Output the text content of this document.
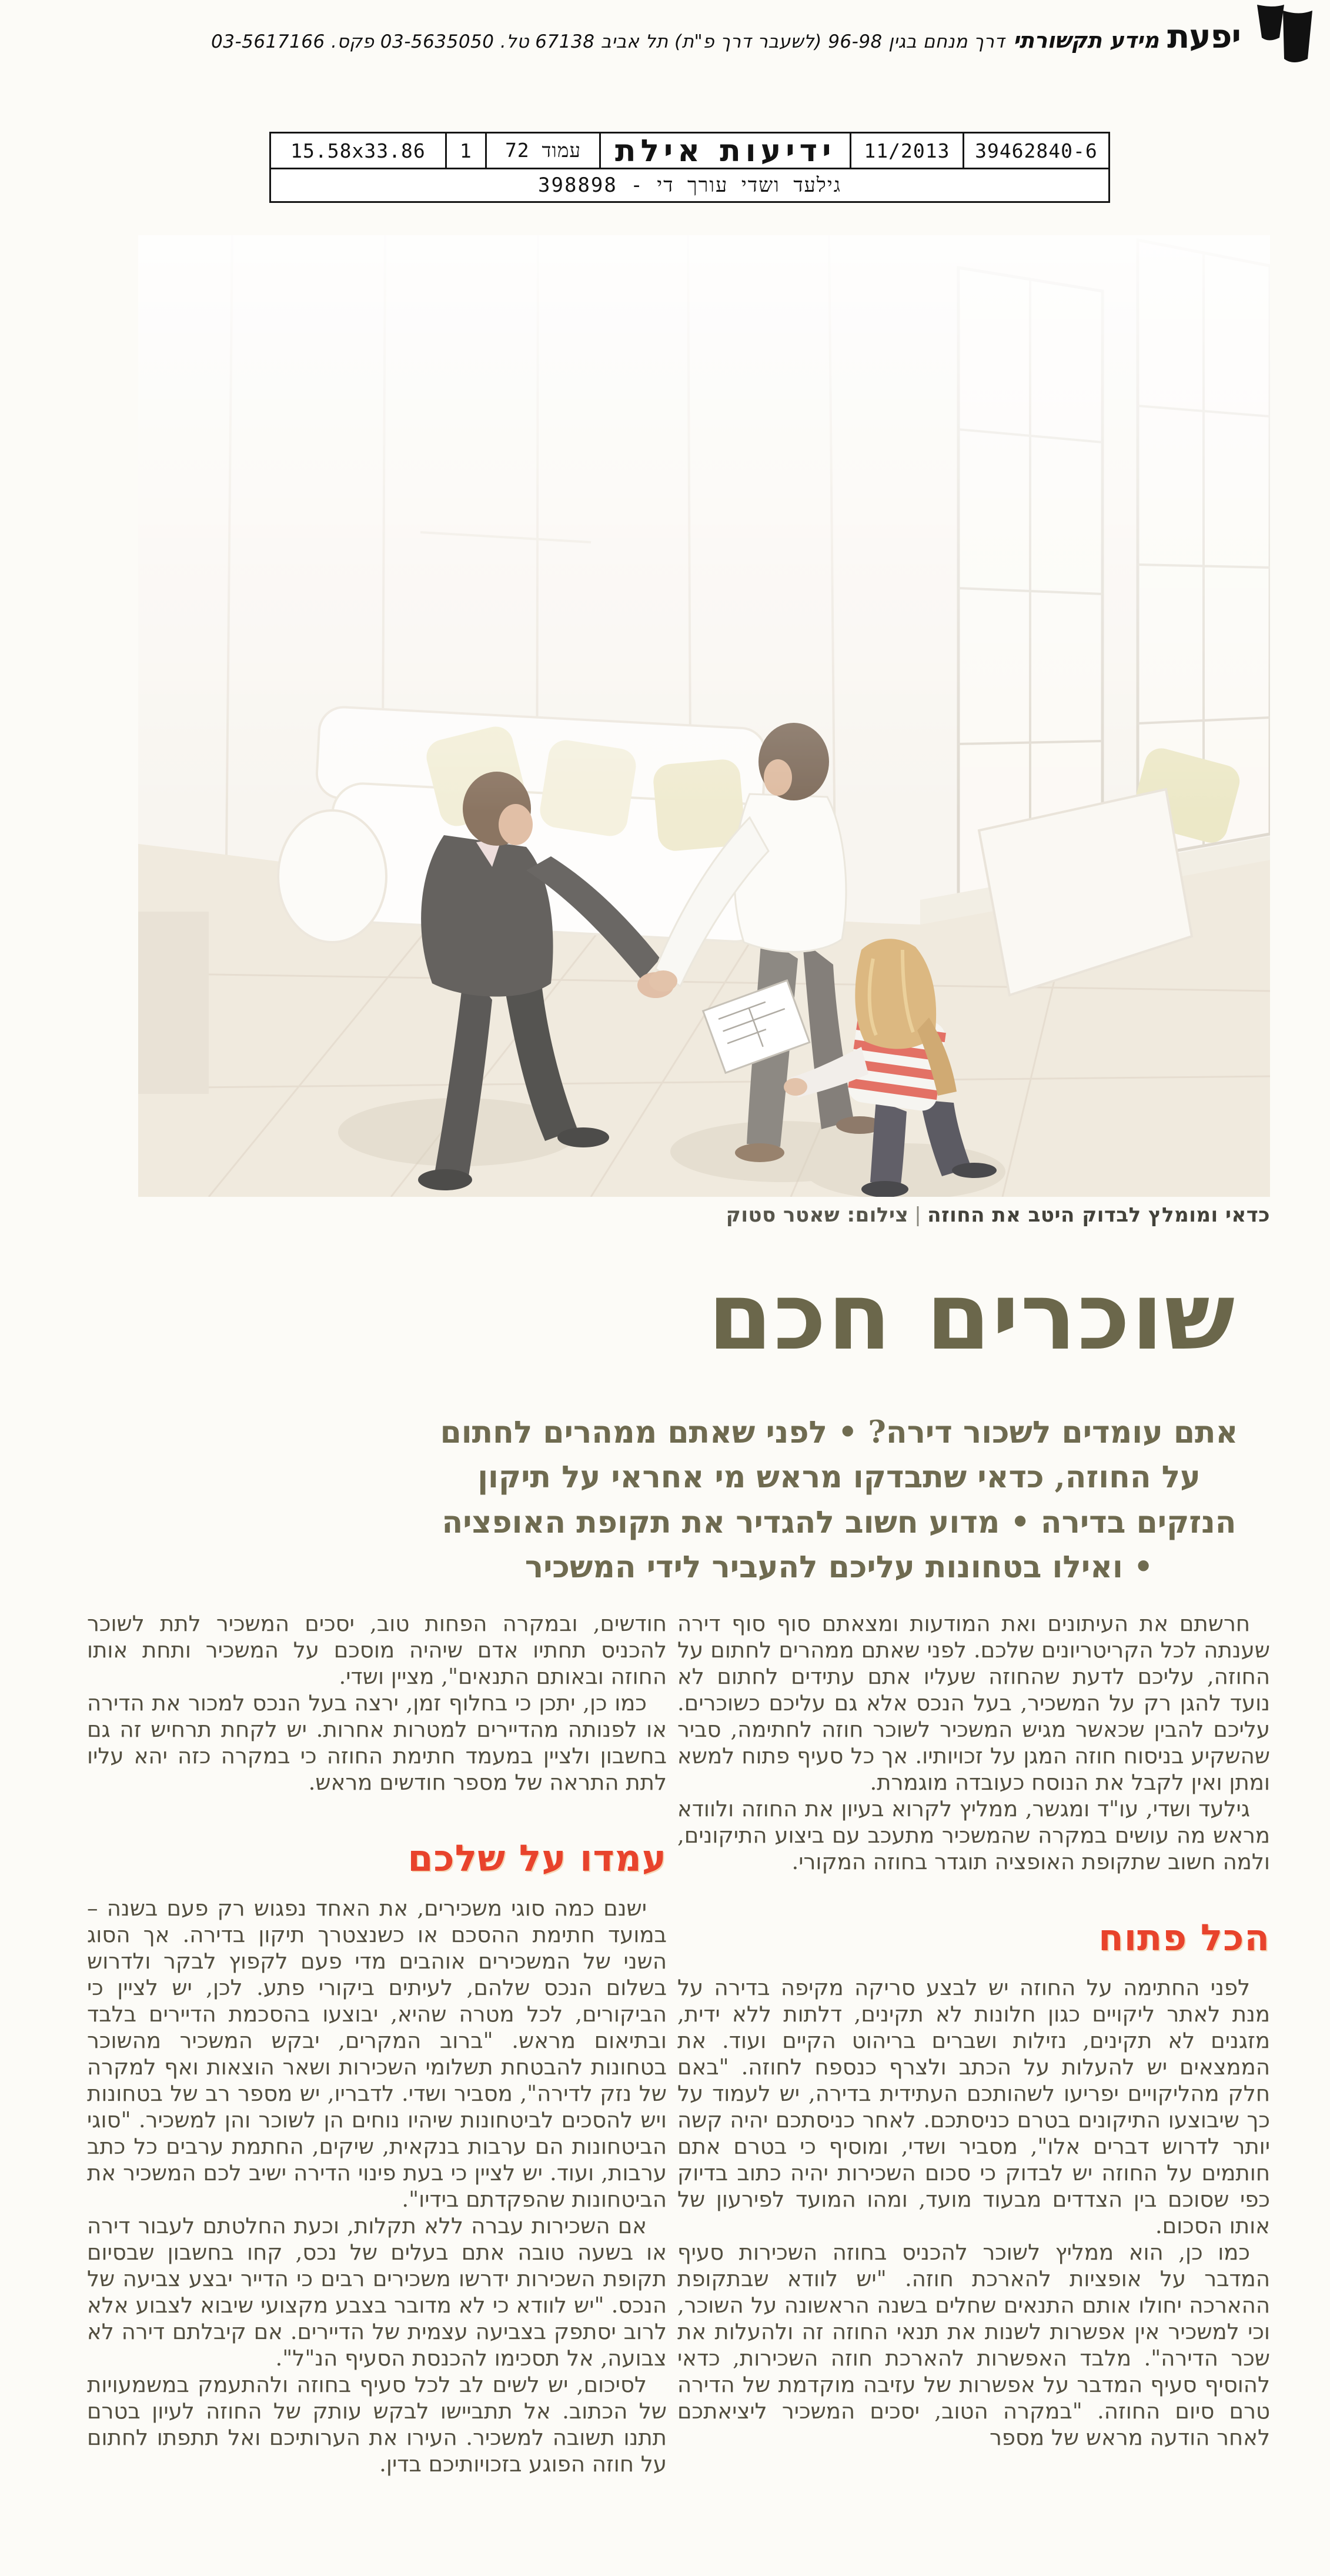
יפעת
מידע תקשורתי
דרך מנחם בגין 96-98 (לשעבר דרך פ"ת) תל אביב 67138 טל. 03-5635050 פקס. 03-5617166
15.58x33.86	1	עמוד 72	ידיעות אילת	11/2013	39462840-6
גילעד ושדי עורך די - 398898
כדאי ומומלץ לבדוק היטב את החוזה|צילום: שאטר סטוק
שוכרים חכם
אתם עומדים לשכור דירה? • לפני שאתם ממהרים לחתום על החוזה, כדאי שתבדקו מראש מי אחראי על תיקון הנזקים בדירה • מדוע חשוב להגדיר את תקופת האופציה • ואילו בטחונות עליכם להעביר לידי המשכיר

חרשתם את העיתונים ואת המודעות ומצאתם סוף סוף דירה שענתה לכל הקריטריונים שלכם. לפני שאתם ממהרים לחתום על החוזה, עליכם לדעת שהחוזה שעליו אתם עתידים לחתום לא נועד להגן רק על המשכיר, בעל הנכס אלא גם עליכם כשוכרים. עליכם להבין שכאשר מגיש המשכיר לשוכר חוזה לחתימה, סביר שהשקיע בניסוח חוזה המגן על זכויותיו. אך כל סעיף פתוח למשא ומתן ואין לקבל את הנוסח כעובדה מוגמרת.

גילעד ושדי, עו"ד ומגשר, ממליץ לקרוא בעיון את החוזה ולוודא מראש מה עושים במקרה שהמשכיר מתעכב עם ביצוע התיקונים, ולמה חשוב שתקופת האופציה תוגדר בחוזה המקורי.

הכל פתוח

לפני החתימה על החוזה יש לבצע סריקה מקיפה בדירה על מנת לאתר ליקויים כגון חלונות לא תקינים, דלתות ללא ידית, מזגנים לא תקינים, נזילות ושברים בריהוט הקיים ועוד. את הממצאים יש להעלות על הכתב ולצרף כנספח לחוזה. "באם חלק מהליקויים יפריעו לשהותכם העתידית בדירה, יש לעמוד על כך שיבוצעו התיקונים בטרם כניסתכם. לאחר כניסתכם יהיה קשה יותר לדרוש דברים אלו", מסביר ושדי, ומוסיף כי בטרם אתם חותמים על החוזה יש לבדוק כי סכום השכירות יהיה כתוב בדיוק כפי שסוכם בין הצדדים מבעוד מועד, ומהו המועד לפירעון של אותו הסכום.

כמו כן, הוא ממליץ לשוכר להכניס בחוזה השכירות סעיף המדבר על אופציות להארכת חוזה. "יש לוודא שבתקופת ההארכה יחולו אותם התנאים שחלים בשנה הראשונה על השוכר, וכי למשכיר אין אפשרות לשנות את תנאי החוזה זה ולהעלות את שכר הדירה". מלבד האפשרות להארכת חוזה השכירות, כדאי להוסיף סעיף המדבר על אפשרות של עזיבה מוקדמת של הדירה טרם סיום החוזה. "במקרה הטוב, יסכים המשכיר ליציאתכם לאחר הודעה מראש של מספר

חודשים, ובמקרה הפחות טוב, יסכים המשכיר לתת לשוכר להכניס תחתיו אדם שיהיה מוסכם על המשכיר ותחת אותו החוזה ובאותם התנאים", מציין ושדי.

כמו כן, יתכן כי בחלוף זמן, ירצה בעל הנכס למכור את הדירה או לפנותה מהדיירים למטרות אחרות. יש לקחת תרחיש זה גם בחשבון ולציין במעמד חתימת החוזה כי במקרה כזה יהא עליו לתת התראה של מספר חודשים מראש.

עמדו על שלכם

ישנם כמה סוגי משכירים, את האחד נפגוש רק פעם בשנה – במועד חתימת ההסכם או כשנצטרך תיקון בדירה. אך הסוג השני של המשכירים אוהבים מדי פעם לקפוץ לבקר ולדרוש בשלום הנכס שלהם, לעיתים ביקורי פתע. לכן, יש לציין כי הביקורים, לכל מטרה שהיא, יבוצעו בהסכמת הדיירים בלבד ובתיאום מראש. "ברוב המקרים, יבקש המשכיר מהשוכר בטחונות להבטחת תשלומי השכירות ושאר הוצאות ואף למקרה של נזק לדירה", מסביר ושדי. לדבריו, יש מספר רב של בטחונות ויש להסכים לביטחונות שיהיו נוחים הן לשוכר והן למשכיר. "סוגי הביטחונות הם ערבות בנקאית, שיקים, החתמת ערבים כל כתב ערבות, ועוד. יש לציין כי בעת פינוי הדירה ישיב לכם המשכיר את הביטחונות שהפקדתם בידיו".

אם השכירות עברה ללא תקלות, וכעת החלטתם לעבור דירה או בשעה טובה אתם בעלים של נכס, קחו בחשבון שבסיום תקופת השכירות ידרשו משכירים רבים כי הדייר יבצע צביעה של הנכס. "יש לוודא כי לא מדובר בצבע מקצועי שיבוא לצבוע אלא לרוב יסתפק בצביעה עצמית של הדיירים. אם קיבלתם דירה לא צבועה, אל תסכימו להכנסת הסעיף הנ"ל".

לסיכום, יש לשים לב לכל סעיף בחוזה ולהתעמק במשמעויות של הכתוב. אל תתביישו לבקש עותק של החוזה לעיון בטרם תתנו תשובה למשכיר. העירו את הערותיכם ואל תתפתו לחתום על חוזה הפוגע בזכויותיכם בדין.
